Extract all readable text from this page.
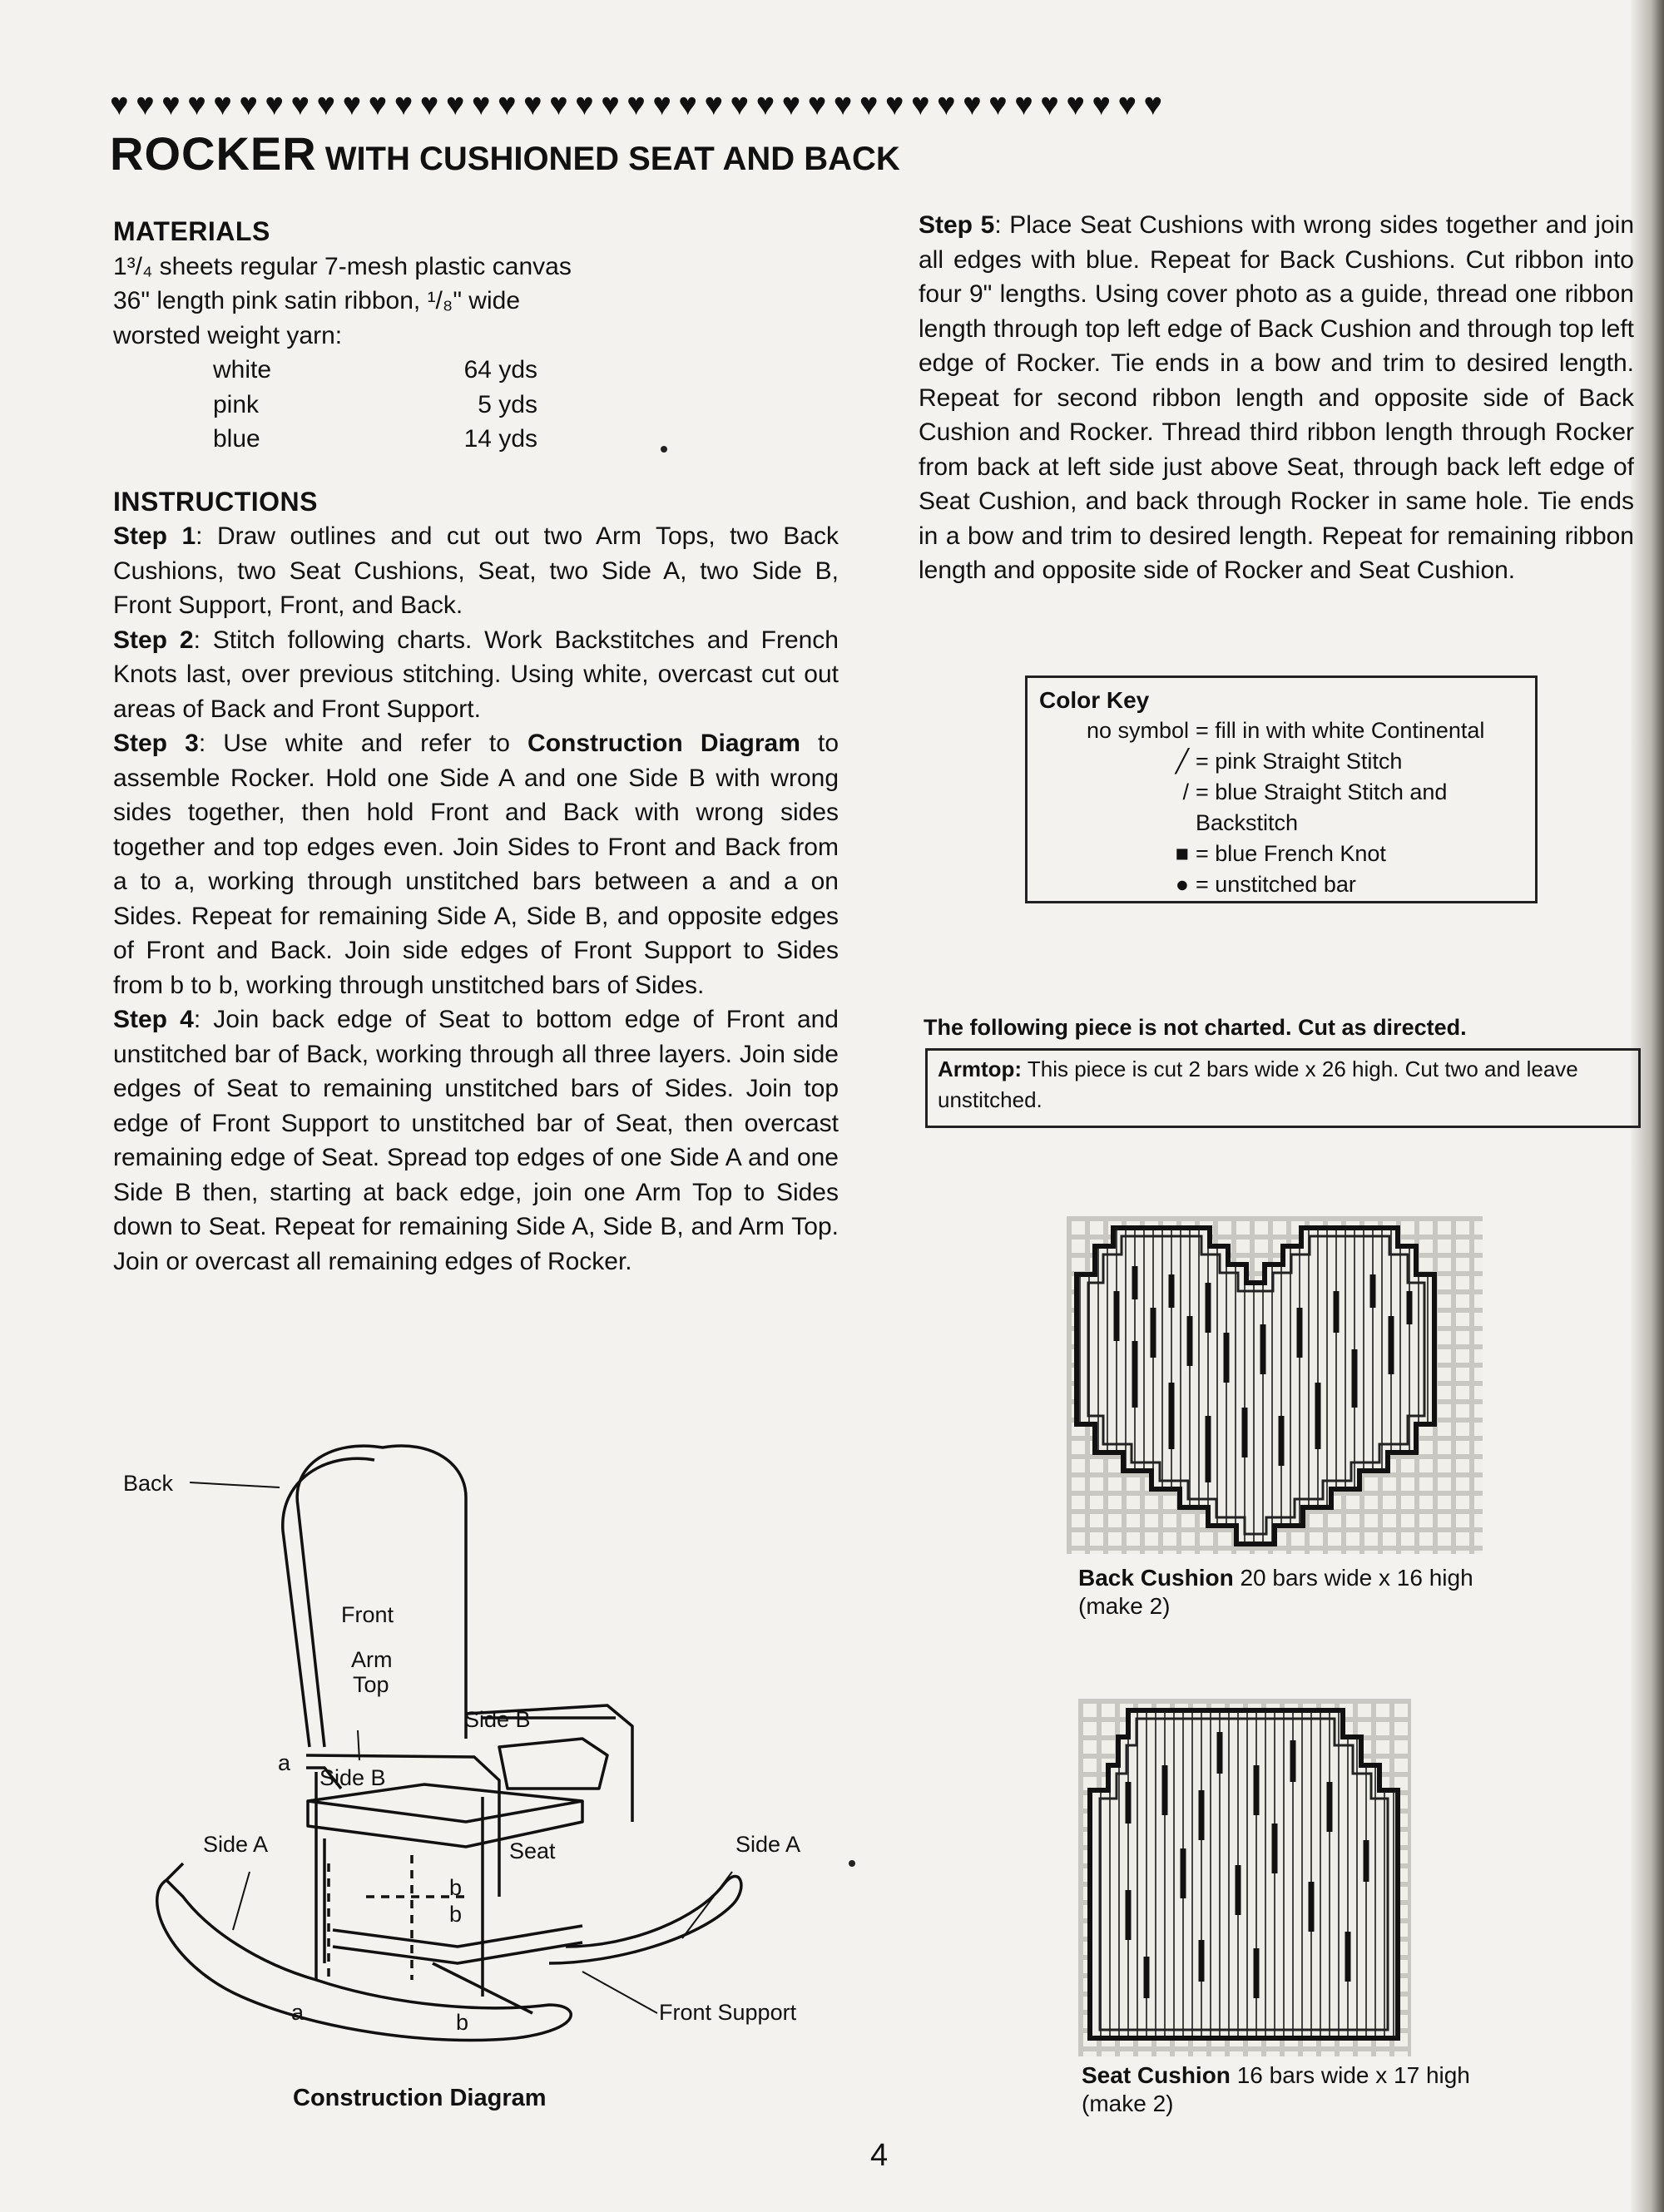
♥♥♥♥♥♥♥♥♥♥♥♥♥♥♥♥♥♥♥♥♥♥♥♥♥♥♥♥♥♥♥♥♥♥♥♥♥♥♥♥♥
ROCKER WITH CUSHIONED SEAT AND BACK

MATERIALS

1³/₄ sheets regular 7-mesh plastic canvas

36" length pink satin ribbon, ¹/₈" wide

worsted weight yarn:

white	64 yds
pink	5 yds
blue	14 yds

INSTRUCTIONS

Step 1: Draw outlines and cut out two Arm Tops, two Back Cushions, two Seat Cushions, Seat, two Side A, two Side B, Front Support, Front, and Back.

Step 2: Stitch following charts. Work Backstitches and French Knots last, over previous stitching. Using white, overcast cut out areas of Back and Front Support.

Step 3: Use white and refer to Construction Diagram to assemble Rocker. Hold one Side A and one Side B with wrong sides together, then hold Front and Back with wrong sides together and top edges even. Join Sides to Front and Back from a to a, working through unstitched bars between a and a on Sides. Repeat for remaining Side A, Side B, and opposite edges of Front and Back. Join side edges of Front Support to Sides from b to b, working through unstitched bars of Sides.

Step 4: Join back edge of Seat to bottom edge of Front and unstitched bar of Back, working through all three layers. Join side edges of Seat to remaining unstitched bars of Sides. Join top edge of Front Support to unstitched bar of Seat, then overcast remaining edge of Seat. Spread top edges of one Side A and one Side B then, starting at back edge, join one Arm Top to Sides down to Seat. Repeat for remaining Side A, Side B, and Arm Top. Join or overcast all remaining edges of Rocker.

Step 5: Place Seat Cushions with wrong sides together and join all edges with blue. Repeat for Back Cushions. Cut ribbon into four 9" lengths. Using cover photo as a guide, thread one ribbon length through top left edge of Back Cushion and through top left edge of Rocker. Tie ends in a bow and trim to desired length. Repeat for second ribbon length and opposite side of Back Cushion and Rocker. Thread third ribbon length through Rocker from back at left side just above Seat, through back left edge of Seat Cushion, and back through Rocker in same hole. Tie ends in a bow and trim to desired length. Repeat for remaining ribbon length and opposite side of Rocker and Seat Cushion.

Color Key
no symbol = fill in with white Continental
╱ = pink Straight Stitch
/ = blue Straight Stitch and Backstitch
■ = blue French Knot
● = unstitched bar
The following piece is not charted. Cut as directed.
Armtop: This piece is cut 2 bars wide x 26 high. Cut two and leave unstitched.
Back Cushion 20 bars wide x 16 high
(make 2)
Seat Cushion 16 bars wide x 17 high
(make 2)
Back
Front
Arm
Top
Side B
Side B
Side A	Side A
Seat
Front Support
a
a
b
b
b
Construction Diagram
4
